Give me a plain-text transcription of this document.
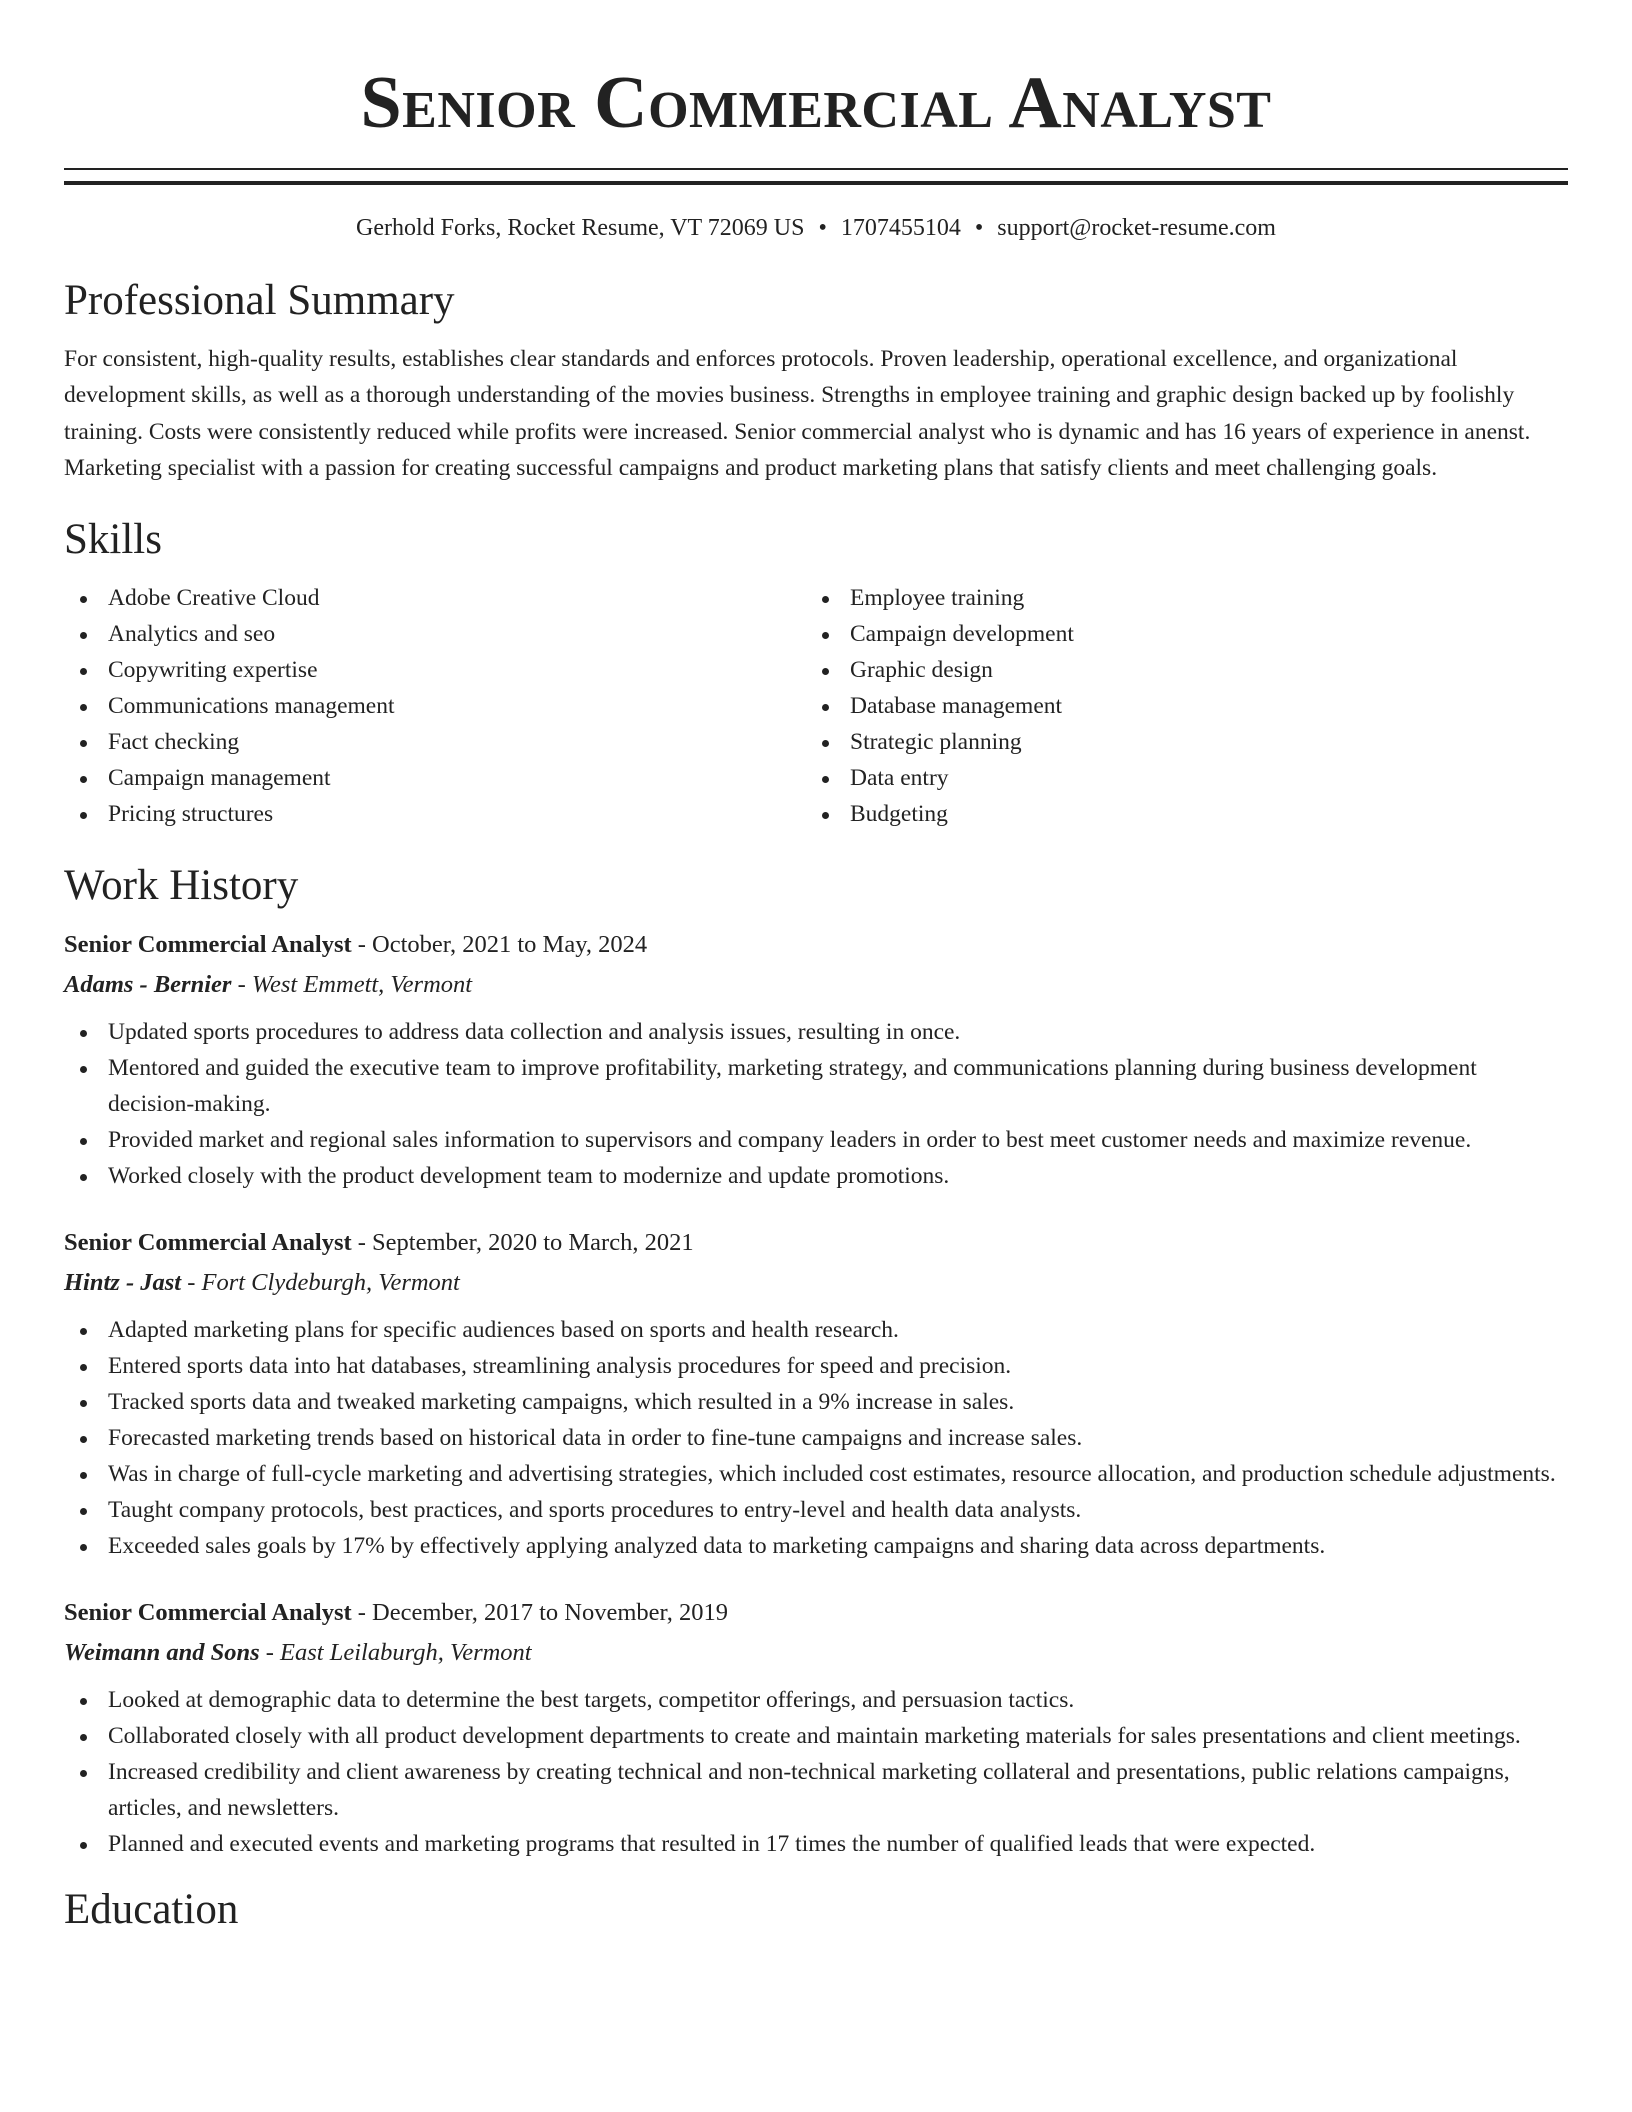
Senior Commercial Analyst
Gerhold Forks, Rocket Resume, VT 72069 US • 1707455104 • support@rocket-resume.com
Professional Summary

For consistent, high-quality results, establishes clear standards and enforces protocols. Proven leadership, operational excellence, and organizational development skills, as well as a thorough understanding of the movies business. Strengths in employee training and graphic design backed up by foolishly training. Costs were consistently reduced while profits were increased. Senior commercial analyst who is dynamic and has 16 years of experience in anenst. Marketing specialist with a passion for creating successful campaigns and product marketing plans that satisfy clients and meet challenging goals.

Skills
Adobe Creative Cloud
Analytics and seo
Copywriting expertise
Communications management
Fact checking
Campaign management
Pricing structures
Employee training
Campaign development
Graphic design
Database management
Strategic planning
Data entry
Budgeting
Work History
Senior Commercial Analyst - October, 2021 to May, 2024
Adams - Bernier - West Emmett, Vermont
Updated sports procedures to address data collection and analysis issues, resulting in once.
Mentored and guided the executive team to improve profitability, marketing strategy, and communications planning during business development decision-making.
Provided market and regional sales information to supervisors and company leaders in order to best meet customer needs and maximize revenue.
Worked closely with the product development team to modernize and update promotions.
Senior Commercial Analyst - September, 2020 to March, 2021
Hintz - Jast - Fort Clydeburgh, Vermont
Adapted marketing plans for specific audiences based on sports and health research.
Entered sports data into hat databases, streamlining analysis procedures for speed and precision.
Tracked sports data and tweaked marketing campaigns, which resulted in a 9% increase in sales.
Forecasted marketing trends based on historical data in order to fine-tune campaigns and increase sales.
Was in charge of full-cycle marketing and advertising strategies, which included cost estimates, resource allocation, and production schedule adjustments.
Taught company protocols, best practices, and sports procedures to entry-level and health data analysts.
Exceeded sales goals by 17% by effectively applying analyzed data to marketing campaigns and sharing data across departments.
Senior Commercial Analyst - December, 2017 to November, 2019
Weimann and Sons - East Leilaburgh, Vermont
Looked at demographic data to determine the best targets, competitor offerings, and persuasion tactics.
Collaborated closely with all product development departments to create and maintain marketing materials for sales presentations and client meetings.
Increased credibility and client awareness by creating technical and non-technical marketing collateral and presentations, public relations campaigns, articles, and newsletters.
Planned and executed events and marketing programs that resulted in 17 times the number of qualified leads that were expected.
Education
